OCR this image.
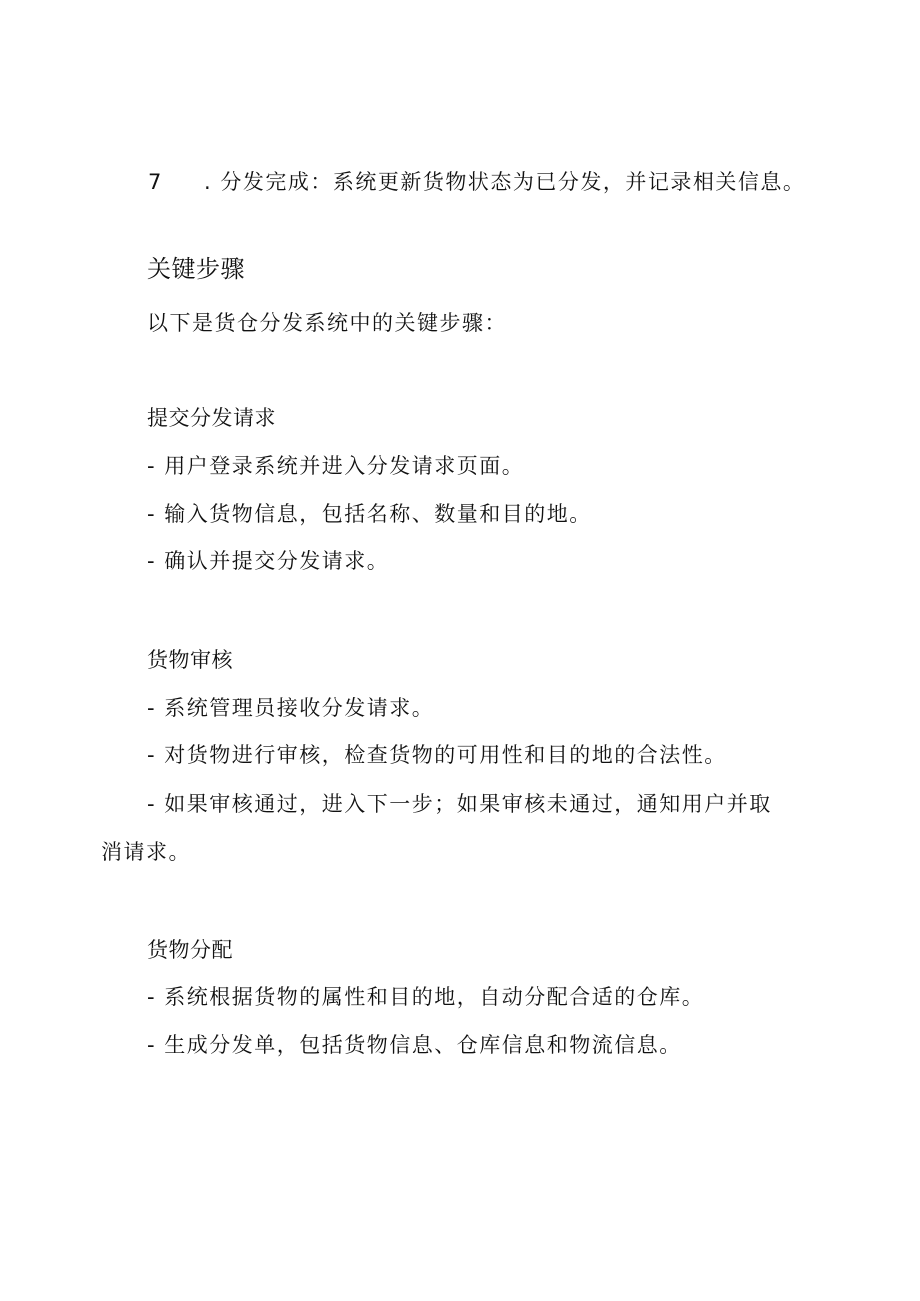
7 . 分发完成：系统更新货物状态为已分发，并记录相关信息。
关键步骤
以下是货仓分发系统中的关键步骤：
提交分发请求
- 用户登录系统并进入分发请求页面。
- 输入货物信息，包括名称、数量和目的地。
- 确认并提交分发请求。
货物审核
- 系统管理员接收分发请求。
- 对货物进行审核，检查货物的可用性和目的地的合法性。
- 如果审核通过，进入下一步；如果审核未通过，通知用户并取
消请求。
货物分配
- 系统根据货物的属性和目的地，自动分配合适的仓库。
- 生成分发单，包括货物信息、仓库信息和物流信息。
